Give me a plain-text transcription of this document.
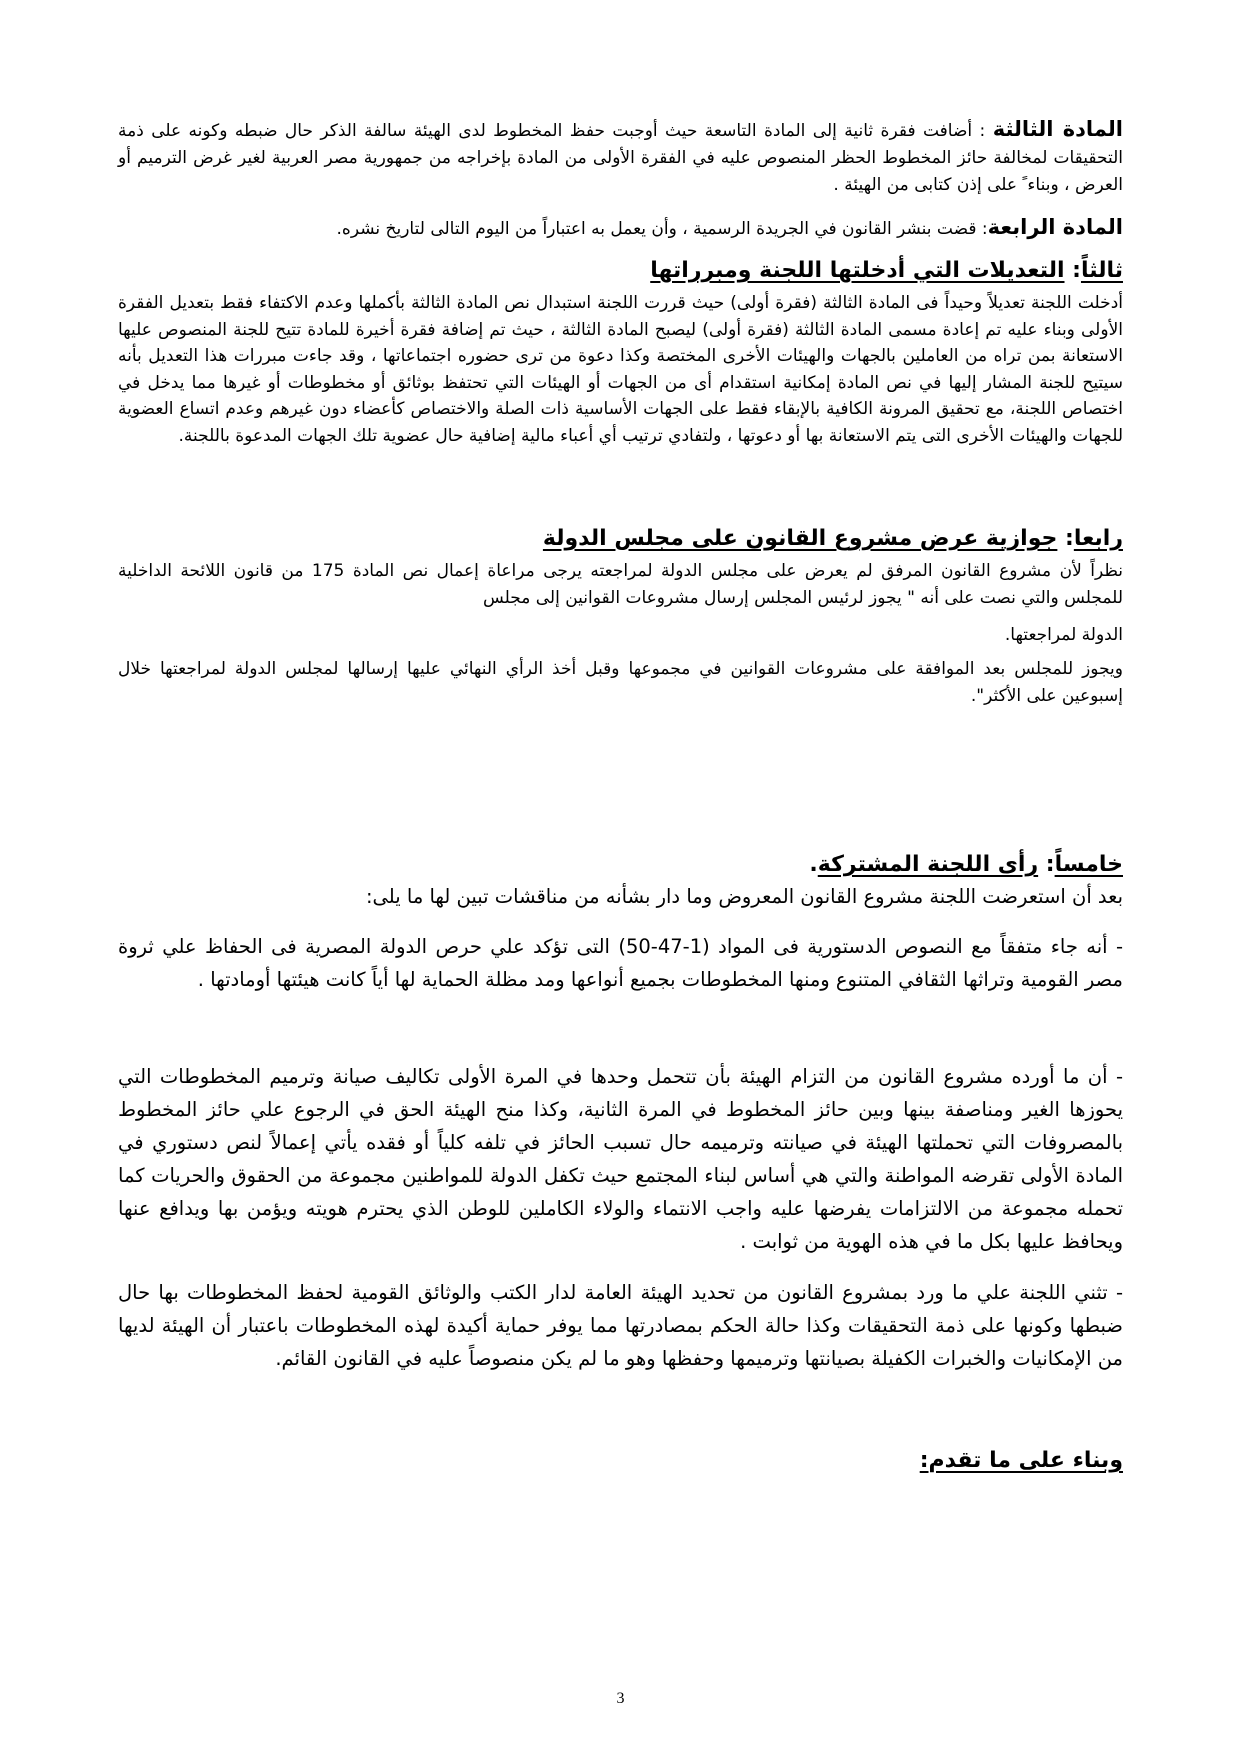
المادة الثالثة : أضافت فقرة ثانية إلى المادة التاسعة حيث أوجبت حفظ المخطوط لدى الهيئة سالفة الذكر حال ضبطه وكونه على ذمة التحقيقات لمخالفة حائز المخطوط الحظر المنصوص عليه في الفقرة الأولى من المادة بإخراجه من جمهورية مصر العربية لغير غرض الترميم أو العرض ، وبناء ً على إذن كتابى من الهيئة .
المادة الرابعة: قضت بنشر القانون في الجريدة الرسمية ، وأن يعمل به اعتباراً من اليوم التالى لتاريخ نشره.
ثالثاً: التعديلات التي أدخلتها اللجنة ومبرراتها
أدخلت اللجنة تعديلاً وحيداً فى المادة الثالثة (فقرة أولى) حيث قررت اللجنة استبدال نص المادة الثالثة بأكملها وعدم الاكتفاء فقط بتعديل الفقرة الأولى وبناء عليه تم إعادة مسمى المادة الثالثة (فقرة أولى) ليصبح المادة الثالثة ، حيث تم إضافة فقرة أخيرة للمادة تتيح للجنة المنصوص عليها الاستعانة بمن تراه من العاملين بالجهات والهيئات الأخرى المختصة وكذا دعوة من ترى حضوره اجتماعاتها ، وقد جاءت مبررات هذا التعديل بأنه سيتيح للجنة المشار إليها في نص المادة إمكانية استقدام أى من الجهات أو الهيئات التي تحتفظ بوثائق أو مخطوطات أو غيرها مما يدخل في اختصاص اللجنة، مع تحقيق المرونة الكافية بالإبقاء فقط على الجهات الأساسية ذات الصلة والاختصاص كأعضاء دون غيرهم وعدم اتساع العضوية للجهات والهيئات الأخرى التى يتم الاستعانة بها أو دعوتها ، ولتفادي ترتيب أي أعباء مالية إضافية حال عضوية تلك الجهات المدعوة باللجنة.
رابعا: جوازية عرض مشروع القانون على مجلس الدولة
نظراً لأن مشروع القانون المرفق لم يعرض على مجلس الدولة لمراجعته يرجى مراعاة إعمال نص المادة 175 من قانون اللائحة الداخلية للمجلس والتي نصت على أنه " يجوز لرئيس المجلس إرسال مشروعات القوانين إلى مجلس
الدولة لمراجعتها.
ويجوز للمجلس بعد الموافقة على مشروعات القوانين في مجموعها وقبل أخذ الرأي النهائي عليها إرسالها لمجلس الدولة لمراجعتها خلال إسبوعين على الأكثر".
خامساً: رأى اللجنة المشتركة.
بعد أن استعرضت اللجنة مشروع القانون المعروض وما دار بشأنه من مناقشات تبين لها ما يلى:
- أنه جاء متفقاً مع النصوص الدستورية فى المواد (1-47-50) التى تؤكد علي حرص الدولة المصرية فى الحفاظ علي ثروة مصر القومية وتراثها الثقافي المتنوع ومنها المخطوطات بجميع أنواعها ومد مظلة الحماية لها أياً كانت هيئتها أومادتها .
- أن ما أورده مشروع القانون من التزام الهيئة بأن تتحمل وحدها في المرة الأولى تكاليف صيانة وترميم المخطوطات التي يحوزها الغير ومناصفة بينها وبين حائز المخطوط في المرة الثانية، وكذا منح الهيئة الحق في الرجوع علي حائز المخطوط بالمصروفات التي تحملتها الهيئة في صيانته وترميمه حال تسبب الحائز في تلفه كلياً أو فقده يأتي إعمالاً لنص دستوري في المادة الأولى تقرضه المواطنة والتي هي أساس لبناء المجتمع حيث تكفل الدولة للمواطنين مجموعة من الحقوق والحريات كما تحمله مجموعة من الالتزامات يفرضها عليه واجب الانتماء والولاء الكاملين للوطن الذي يحترم هويته ويؤمن بها ويدافع عنها ويحافظ عليها بكل ما في هذه الهوية من ثوابت .
- تثني اللجنة علي ما ورد بمشروع القانون من تحديد الهيئة العامة لدار الكتب والوثائق القومية لحفظ المخطوطات بها حال ضبطها وكونها على ذمة التحقيقات وكذا حالة الحكم بمصادرتها مما يوفر حماية أكيدة لهذه المخطوطات باعتبار أن الهيئة لديها من الإمكانيات والخبرات الكفيلة بصيانتها وترميمها وحفظها وهو ما لم يكن منصوصاً عليه في القانون القائم.
وبناء على ما تقدم:
3
